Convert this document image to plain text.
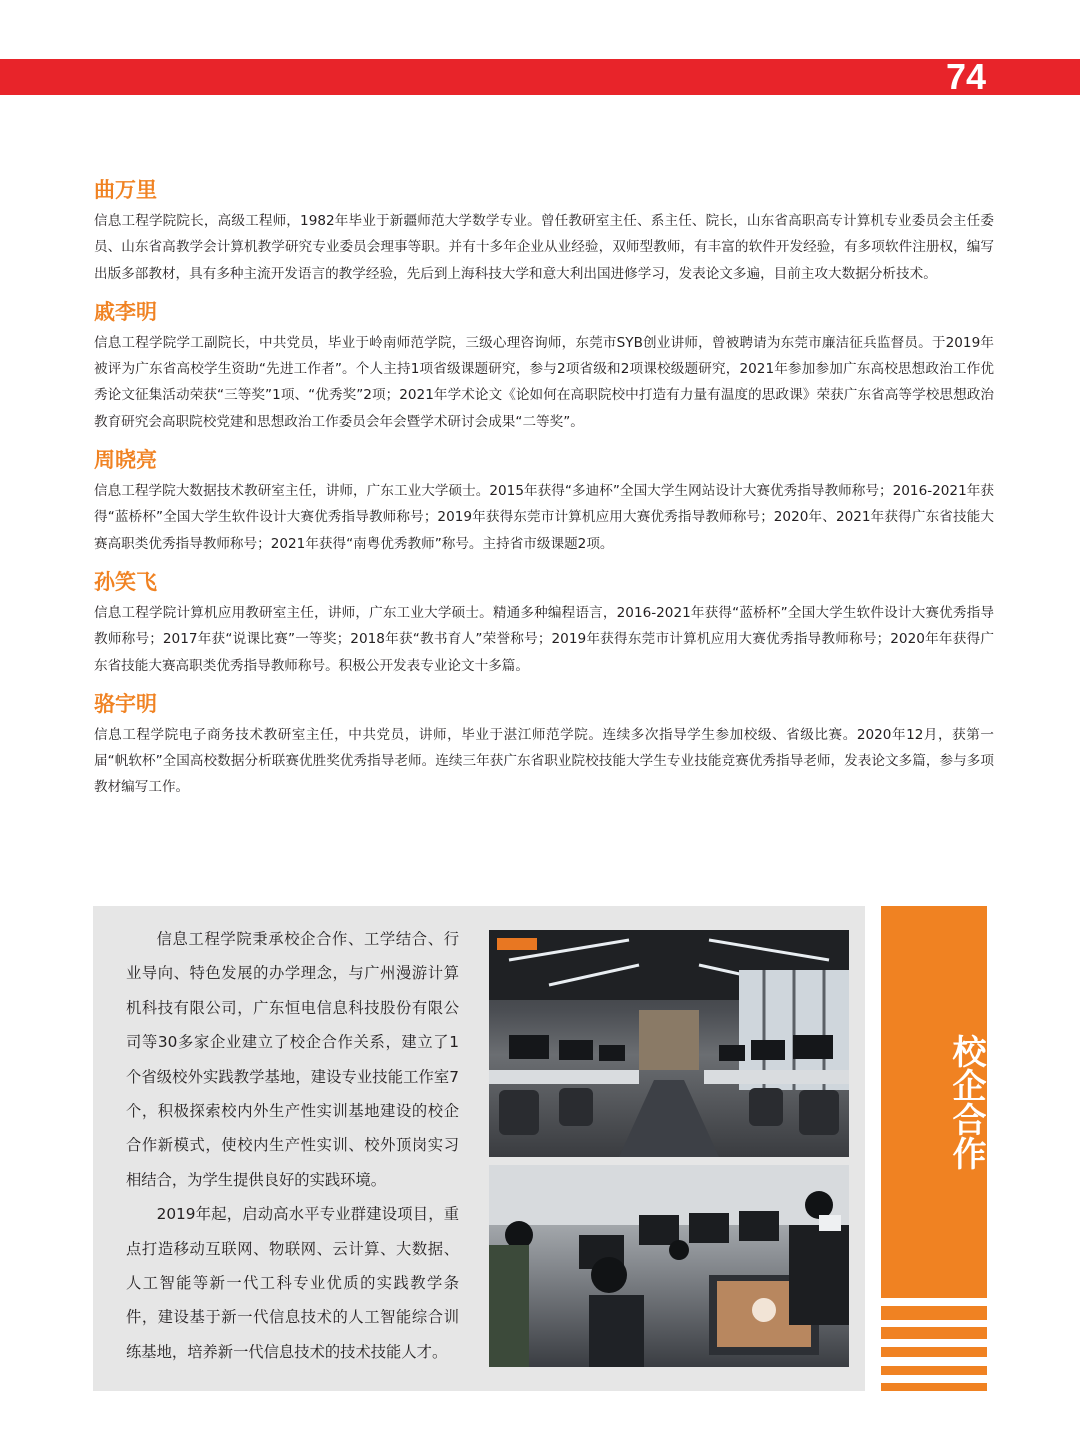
74
曲万里

信息工程学院院长，高级工程师，1982年毕业于新疆师范大学数学专业。曾任教研室主任、系主任、院长，山东省高职高专计算机专业委员会主任委员、山东省高教学会计算机教学研究专业委员会理事等职。并有十多年企业从业经验，双师型教师，有丰富的软件开发经验，有多项软件注册权，编写出版多部教材，具有多种主流开发语言的教学经验，先后到上海科技大学和意大利出国进修学习，发表论文多遍，目前主攻大数据分析技术。

戚李明

信息工程学院学工副院长，中共党员，毕业于岭南师范学院，三级心理咨询师，东莞市SYB创业讲师，曾被聘请为东莞市廉洁征兵监督员。于2019年被评为广东省高校学生资助“先进工作者”。个人主持1项省级课题研究，参与2项省级和2项课校级题研究，2021年参加参加广东高校思想政治工作优秀论文征集活动荣获“三等奖”1项、“优秀奖”2项；2021年学术论文《论如何在高职院校中打造有力量有温度的思政课》荣获广东省高等学校思想政治教育研究会高职院校党建和思想政治工作委员会年会暨学术研讨会成果“二等奖”。

周晓亮

信息工程学院大数据技术教研室主任，讲师，广东工业大学硕士。2015年获得“多迪杯”全国大学生网站设计大赛优秀指导教师称号；2016-2021年获得“蓝桥杯”全国大学生软件设计大赛优秀指导教师称号；2019年获得东莞市计算机应用大赛优秀指导教师称号；2020年、2021年获得广东省技能大赛高职类优秀指导教师称号；2021年获得“南粤优秀教师”称号。主持省市级课题2项。

孙笑飞

信息工程学院计算机应用教研室主任，讲师，广东工业大学硕士。精通多种编程语言，2016-2021年获得“蓝桥杯”全国大学生软件设计大赛优秀指导教师称号；2017年获“说课比赛”一等奖；2018年获“教书育人”荣誉称号；2019年获得东莞市计算机应用大赛优秀指导教师称号；2020年年获得广东省技能大赛高职类优秀指导教师称号。积极公开发表专业论文十多篇。

骆宇明

信息工程学院电子商务技术教研室主任，中共党员，讲师，毕业于湛江师范学院。连续多次指导学生参加校级、省级比赛。2020年12月，获第一届“帆软杯”全国高校数据分析联赛优胜奖优秀指导老师。连续三年获广东省职业院校技能大学生专业技能竞赛优秀指导老师，发表论文多篇，参与多项教材编写工作。

信息工程学院秉承校企合作、工学结合、行业导向、特色发展的办学理念，与广州漫游计算机科技有限公司，广东恒电信息科技股份有限公司等30多家企业建立了校企合作关系，建立了1个省级校外实践教学基地，建设专业技能工作室7个，积极探索校内外生产性实训基地建设的校企合作新模式，使校内生产性实训、校外顶岗实习相结合，为学生提供良好的实践环境。

2019年起，启动高水平专业群建设项目，重点打造移动互联网、物联网、云计算、大数据、人工智能等新一代工科专业优质的实践教学条件，建设基于新一代信息技术的人工智能综合训练基地，培养新一代信息技术的技术技能人才。

校企合作
